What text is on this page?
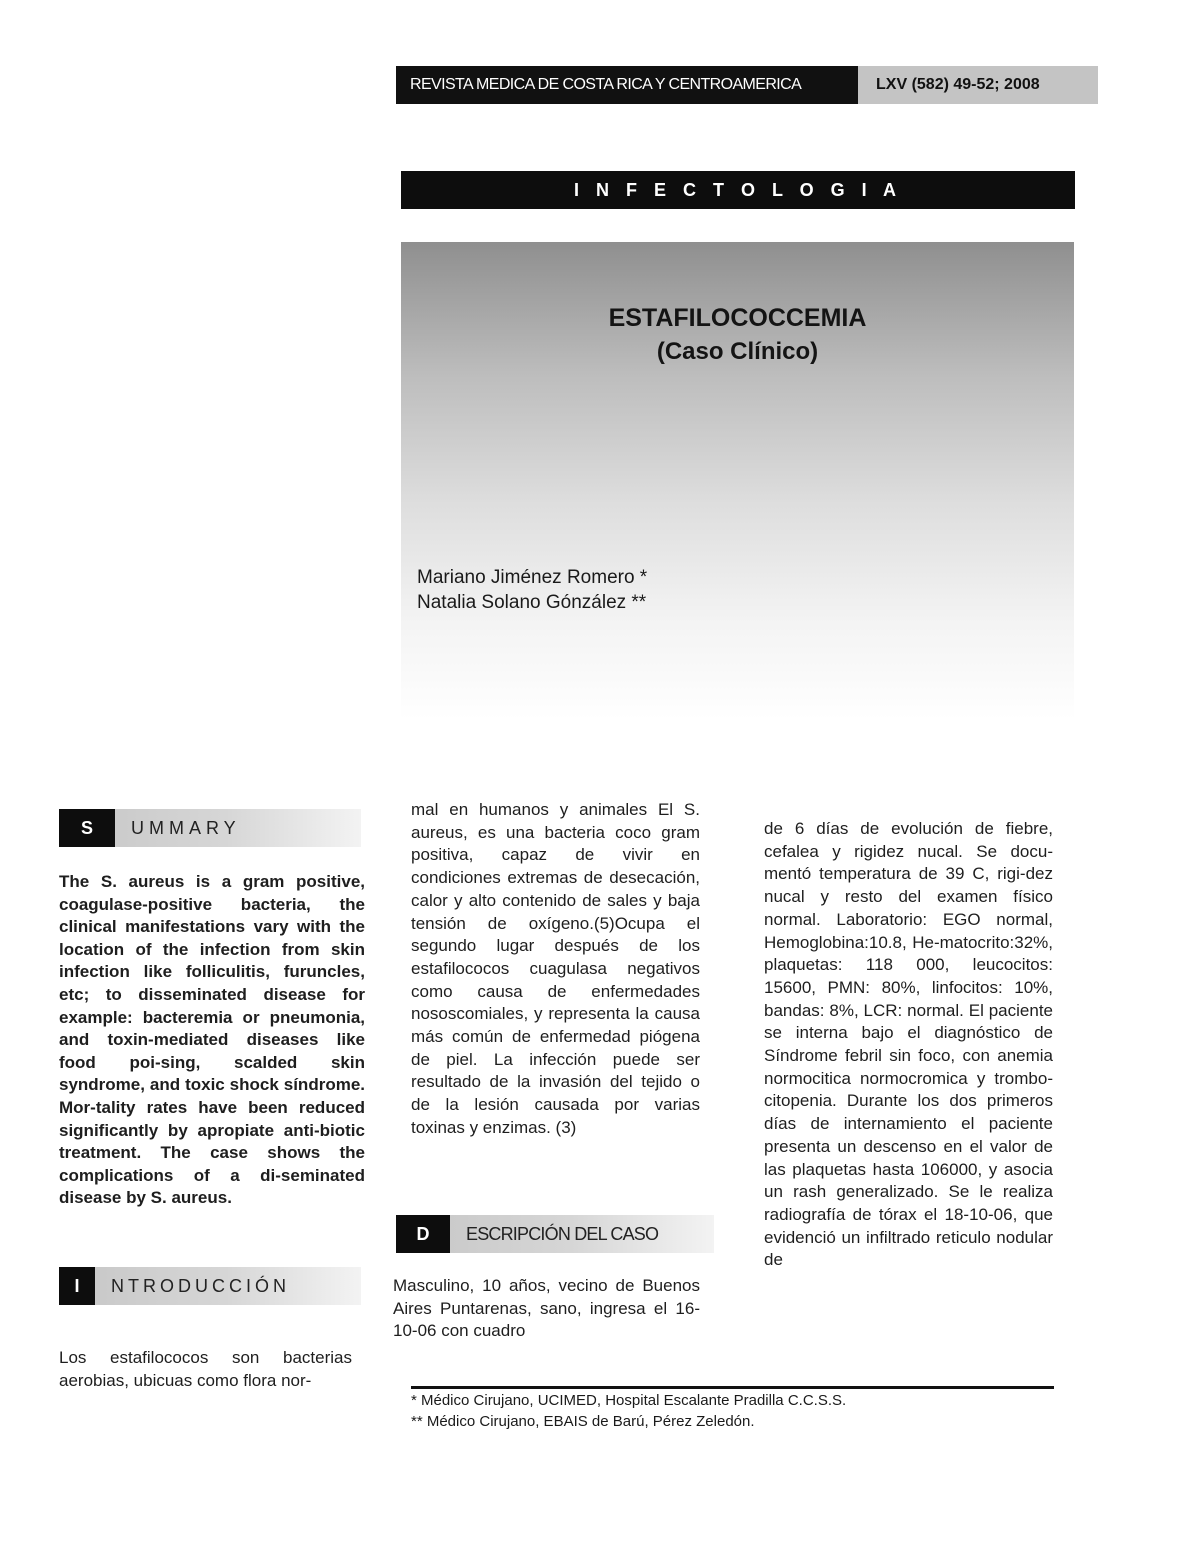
REVISTA MEDICA DE COSTA RICA Y CENTROAMERICA	LXV (582) 49-52; 2008
I N F E C T O L O G I A
ESTAFILOCOCCEMIA
(Caso Clínico)
Mariano Jiménez Romero *
Natalia Solano Gónzález **
S	UMMARY
The S. aureus is a gram positive, coagulase-positive bacteria, the clinical manifestations vary with the location of the infection from skin infection like folliculitis, furuncles, etc; to disseminated disease for example: bacteremia or pneumonia, and toxin-mediated diseases like food poi-sing, scalded skin syndrome, and toxic shock síndrome. Mor-tality rates have been reduced significantly by apropiate anti-biotic treatment. The case shows the complications of a di-seminated disease by S. aureus.
I	NTRODUCCIÓN
Los estafilococos son bacterias aerobias, ubicuas como flora nor-
mal en humanos y animales El S. aureus, es una bacteria coco gram positiva, capaz de vivir en condiciones extremas de desecación, calor y alto contenido de sales y baja tensión de oxígeno.(5)Ocupa el segundo lugar después de los estafilococos cuagulasa negativos como causa de enfermedades nososcomiales, y representa la causa más común de enfermedad piógena de piel. La infección puede ser resultado de la invasión del tejido o de la lesión causada por varias toxinas y enzimas. (3)
D	ESCRIPCIÓN DEL CASO
Masculino, 10 años, vecino de Buenos Aires Puntarenas, sano, ingresa el 16-10-06 con cuadro
de 6 días de evolución de fiebre, cefalea y rigidez nucal. Se docu-mentó temperatura de 39 C, rigi-dez nucal y resto del examen físico normal. Laboratorio: EGO normal, Hemoglobina:10.8, He-matocrito:32%, plaquetas: 118 000, leucocitos: 15600, PMN: 80%, linfocitos: 10%, bandas: 8%, LCR: normal. El paciente se interna bajo el diagnóstico de Síndrome febril sin foco, con anemia normocitica normocromica y trombo-citopenia. Durante los dos primeros días de internamiento el paciente presenta un descenso en el valor de las plaquetas hasta 106000, y asocia un rash generalizado. Se le realiza radiografía de tórax el 18-10-06, que evidenció un infiltrado reticulo nodular de
* Médico Cirujano, UCIMED, Hospital Escalante Pradilla C.C.S.S.
** Médico Cirujano, EBAIS de Barú, Pérez Zeledón.
